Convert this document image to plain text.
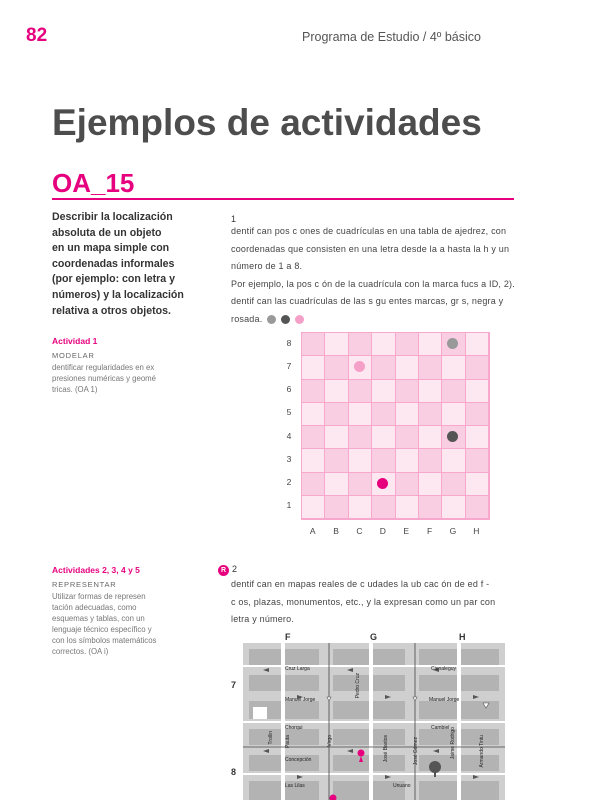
82	Programa de Estudio / 4º básico
Ejemplos de actividades
OA_15
Describir la localización
absoluta de un objeto
en un mapa simple con
coordenadas informales
(por ejemplo: con letra y
números) y la localización
relativa a otros objetos.
Actividad 1
MODELAR
dentificar regularidades en ex
presiones numéricas y geomé
tricas. (OA 1)
1
dentif can pos c ones de cuadrículas en una tabla de ajedrez, con
coordenadas que consisten en una letra desde la a hasta la h y un
número de 1 a 8.
Por ejemplo, la pos c ón de la cuadrícula con la marca fucs a ID, 2).
dentif can las cuadrículas de las s gu entes marcas, gr s, negra y
rosada.
8
7
6
5
4
3
2
1
A	B	C	D	E	F	G	H
Actividades 2, 3, 4 y 5
REPRESENTAR
Utilizar formas de represen
tación adecuadas, como
esquemas y tablas, con un
lenguaje técnico específico y
con los símbolos matemáticos
correctos. (OA i)
R 2
dentif can en mapas reales de c udades la ub cac ón de ed f -
c os, plazas, monumentos, etc., y la expresan como un par con
letra y número.
F	G	H
7
8
Cruz Larga	Cienaleguy
Manuel Jorge	Manuel Jorge
Chorqui	Cambiel
Concepción
Las Lilas	Unuano
Pedro Cruz
Trollin Pauta	Virgo	José Bastos	José Gómez	Jaime Rodrigo	Armando Tintu
